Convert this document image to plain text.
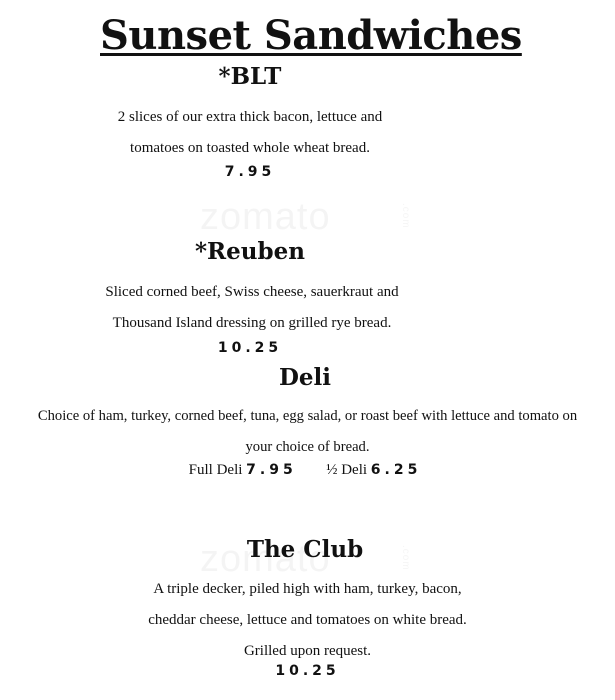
Sunset Sandwiches
*BLT
2 slices of our extra thick bacon, lettuce and
tomatoes on toasted whole wheat bread.
7.95
*Reuben
Sliced corned beef, Swiss cheese, sauerkraut and
Thousand Island dressing on grilled rye bread.
10.25
Deli
Choice of ham, turkey, corned beef, tuna, egg salad, or roast beef with lettuce and tomato on
your choice of bread.
Full Deli 7.95 ½ Deli 6.25
The Club
A triple decker, piled high with ham, turkey, bacon,
cheddar cheese, lettuce and tomatoes on white bread.
Grilled upon request.
10.25
